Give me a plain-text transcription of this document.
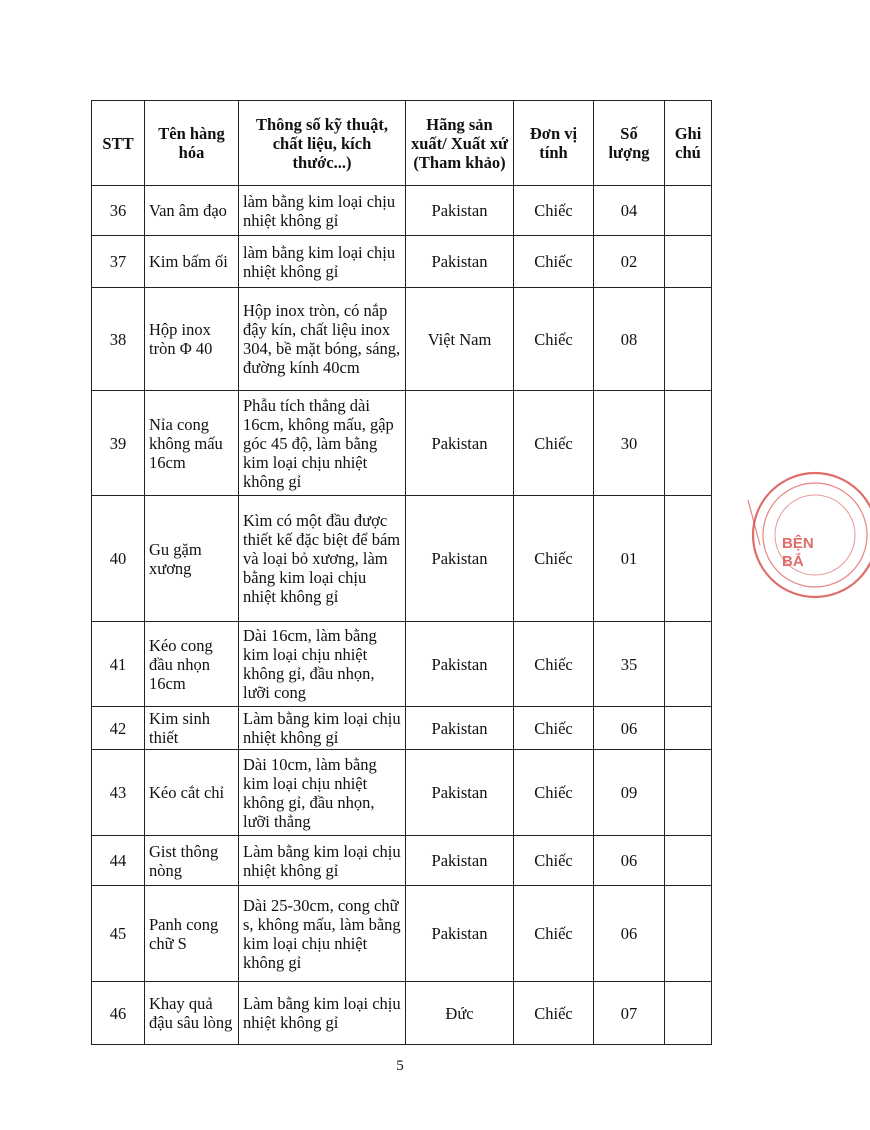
STT	Tên hàng hóa	Thông số kỹ thuật, chất liệu, kích thước...)	Hãng sản xuất/ Xuất xứ (Tham khảo)	Đơn vị tính	Số lượng	Ghi chú
36	Van âm đạo	làm bằng kim loại chịu nhiệt không gỉ	Pakistan	Chiếc	04	
37	Kim bấm ối	làm bằng kim loại chịu nhiệt không gỉ	Pakistan	Chiếc	02	
38	Hộp inox tròn Φ 40	Hộp inox tròn, có nắp đậy kín, chất liệu inox 304, bề mặt bóng, sáng, đường kính 40cm	Việt Nam	Chiếc	08	
39	Nỉa cong không mấu 16cm	Phẫu tích thẳng dài 16cm, không mấu, gập góc 45 độ, làm bằng kim loại chịu nhiệt không gỉ	Pakistan	Chiếc	30	
40	Gu gặm xương	Kìm có một đầu được thiết kế đặc biệt để bám và loại bỏ xương, làm bằng kim loại chịu nhiệt không gỉ	Pakistan	Chiếc	01	
41	Kéo cong đầu nhọn 16cm	Dài 16cm, làm bằng kim loại chịu nhiệt không gỉ, đầu nhọn, lưỡi cong	Pakistan	Chiếc	35	
42	Kim sinh thiết	Làm bằng kim loại chịu nhiệt không gỉ	Pakistan	Chiếc	06	
43	Kéo cắt chỉ	Dài 10cm, làm bằng kim loại chịu nhiệt không gỉ, đầu nhọn, lưỡi thẳng	Pakistan	Chiếc	09	
44	Gist thông nòng	Làm bằng kim loại chịu nhiệt không gỉ	Pakistan	Chiếc	06	
45	Panh cong chữ S	Dài 25-30cm, cong chữ s, không mấu, làm bằng kim loại chịu nhiệt không gỉ	Pakistan	Chiếc	06	
46	Khay quả đậu sâu lòng	Làm bằng kim loại chịu nhiệt không gỉ	Đức	Chiếc	07	
5
BỆN
BẮ
